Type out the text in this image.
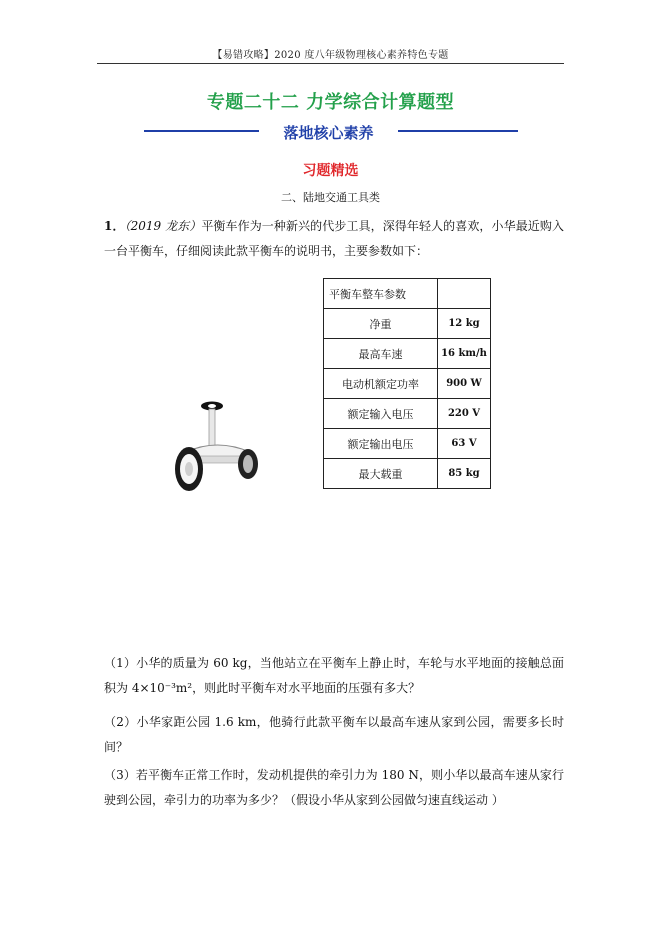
【易错攻略】2020 度八年级物理核心素养特色专题
专题二十二 力学综合计算题型
落地核心素养
习题精选
二、陆地交通工具类
1．（2019 龙东）平衡车作为一种新兴的代步工具，深得年轻人的喜欢，小华最近购入一台平衡车，仔细阅读此款平衡车的说明书，主要参数如下：
平衡车整车参数	
净重	12 kg
最高车速	16 km/h
电动机额定功率	900 W
额定输入电压	220 V
额定输出电压	63 V
最大载重	85 kg
（1）小华的质量为 60 kg，当他站立在平衡车上静止时，车轮与水平地面的接触总面积为 4×10⁻³m²，则此时平衡车对水平地面的压强有多大？
（2）小华家距公园 1.6 km，他骑行此款平衡车以最高车速从家到公园，需要多长时间？
（3）若平衡车正常工作时，发动机提供的牵引力为 180 N，则小华以最高车速从家行驶到公园，牵引力的功率为多少？（假设小华从家到公园做匀速直线运动 ）
